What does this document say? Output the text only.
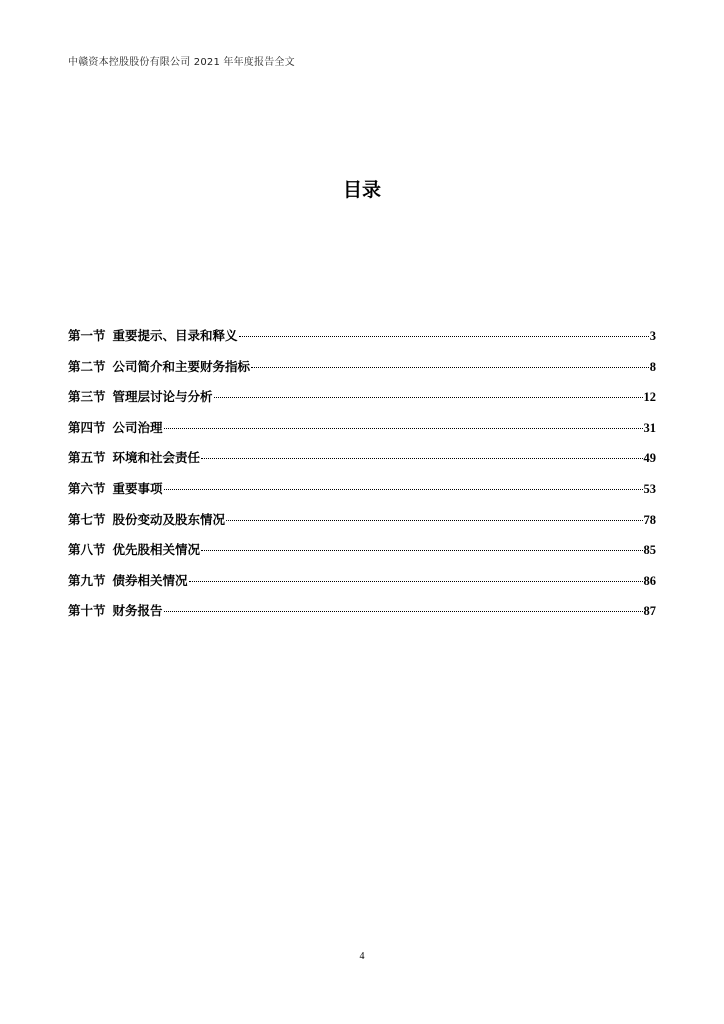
中赣资本控股股份有限公司 2021 年年度报告全文
目录
第一节 重要提示、目录和释义	3
第二节 公司简介和主要财务指标	8
第三节 管理层讨论与分析	12
第四节 公司治理	31
第五节 环境和社会责任	49
第六节 重要事项	53
第七节 股份变动及股东情况	78
第八节 优先股相关情况	85
第九节 债券相关情况	86
第十节 财务报告	87
4
